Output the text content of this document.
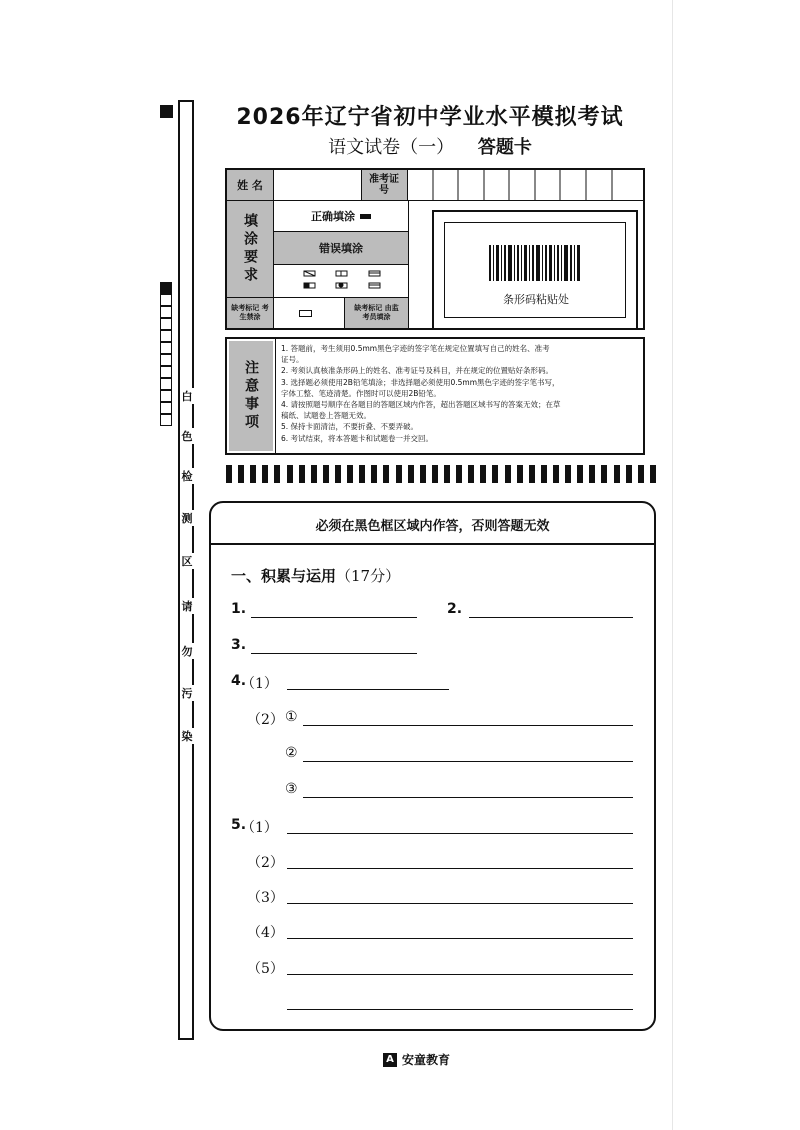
白
色
检
测
区
请
勿
污
染
2026年辽宁省初中学业水平模拟考试
语文试卷（一） 答题卡
姓 名	准考证号
填涂要求	正确填涂
错误填涂
缺考标记 考生禁涂
缺考标记 由监考员填涂
条形码粘贴处
注意事项
1. 答题前，考生须用0.5mm黑色字迹的签字笔在规定位置填写自己的姓名、准考
证号。
2. 考须认真核准条形码上的姓名、准考证号及科目，并在规定的位置贴好条形码。
3. 选择题必须使用2B铅笔填涂；非选择题必须使用0.5mm黑色字迹的签字笔书写，
字体工整、笔迹清楚。作图时可以使用2B铅笔。
4. 请按照题号顺序在各题目的答题区域内作答，超出答题区域书写的答案无效；在草
稿纸、试题卷上答题无效。
5. 保持卡面清洁，不要折叠、不要弄破。
6. 考试结束，将本答题卡和试题卷一并交回。
必须在黑色框区域内作答，否则答题无效
一、积累与运用（17分）
1.	2.
3.
4.
（1）
（2） ①
②
③
5.
（1）
（2）
（3）
（4）
（5）
A 安童教育
